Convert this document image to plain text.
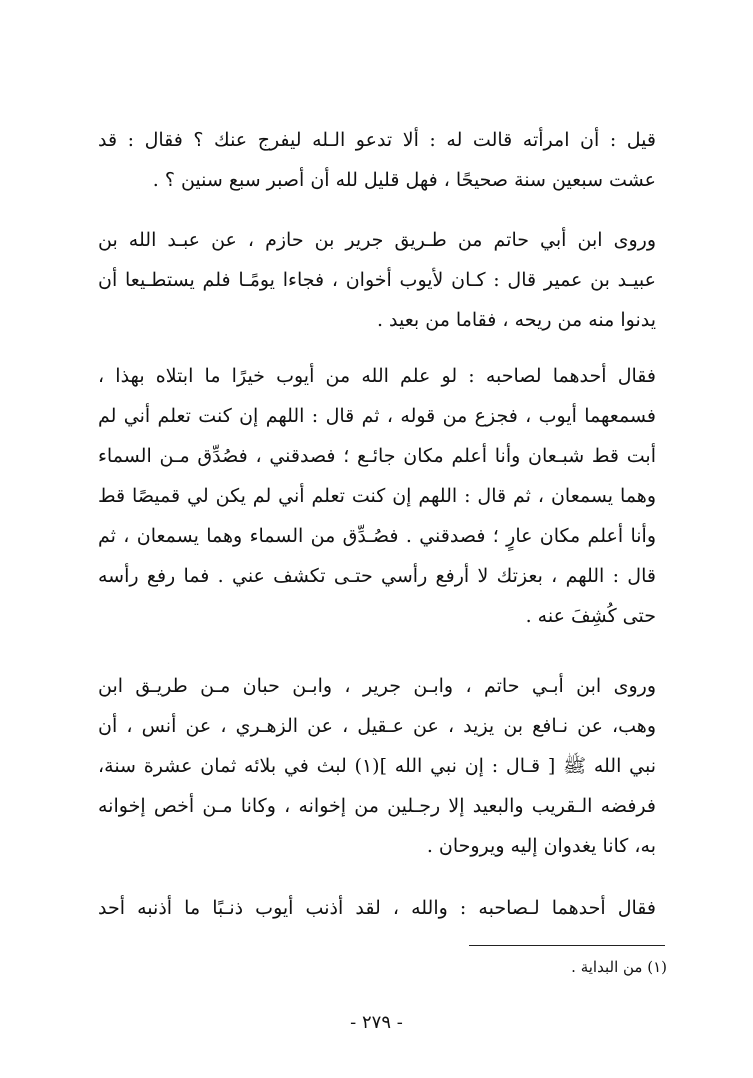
قيل : أن امرأته قالت له : ألا تدعو الـله ليفرج عنك ؟ فقال : قد
عشت سبعين سنة صحيحًا ، فهل قليل لله أن أصبر سبع سنين ؟ .
وروى ابن أبي حاتم من طـريق جرير بن حازم ، عن عبـد الله بن
عبيـد بن عمير قال : كـان لأيوب أخوان ، فجاءا يومًـا فلم يستطـيعا أن
يدنوا منه من ريحه ، فقاما من بعيد .
فقال أحدهما لصاحبه : لو علم الله من أيوب خيرًا ما ابتلاه بهذا ،
فسمعهما أيوب ، فجزع من قوله ، ثم قال : اللهم إن كنت تعلم أني لم
أبت قط شبـعان وأنا أعلم مكان جائـع ؛ فصدقني ، فصُدِّق مـن السماء
وهما يسمعان ، ثم قال : اللهم إن كنت تعلم أني لم يكن لي قميصًا قط
وأنا أعلم مكان عارٍ ؛ فصدقني . فصُـدِّق من السماء وهما يسمعان ، ثم
قال : اللهم ، بعزتك لا أرفع رأسي حتـى تكشف عني . فما رفع رأسه
حتى كُشِفَ عنه .
وروى ابن أبـي حاتم ، وابـن جرير ، وابـن حبان مـن طريـق ابن
وهب، عن نـافع بن يزيد ، عن عـقيل ، عن الزهـري ، عن أنس ، أن
نبي الله ﷺ [ قـال : إن نبي الله ](١) لبث في بلائه ثمان عشرة سنة،
فرفضه الـقريب والبعيد إلا رجـلين من إخوانه ، وكانا مـن أخص إخوانه
به، كانا يغدوان إليه ويروحان .
فقال أحدهما لـصاحبه : والله ، لقد أذنب أيوب ذنـبًا ما أذنبه أحد
(١) من البداية .
- ٢٧٩ -
